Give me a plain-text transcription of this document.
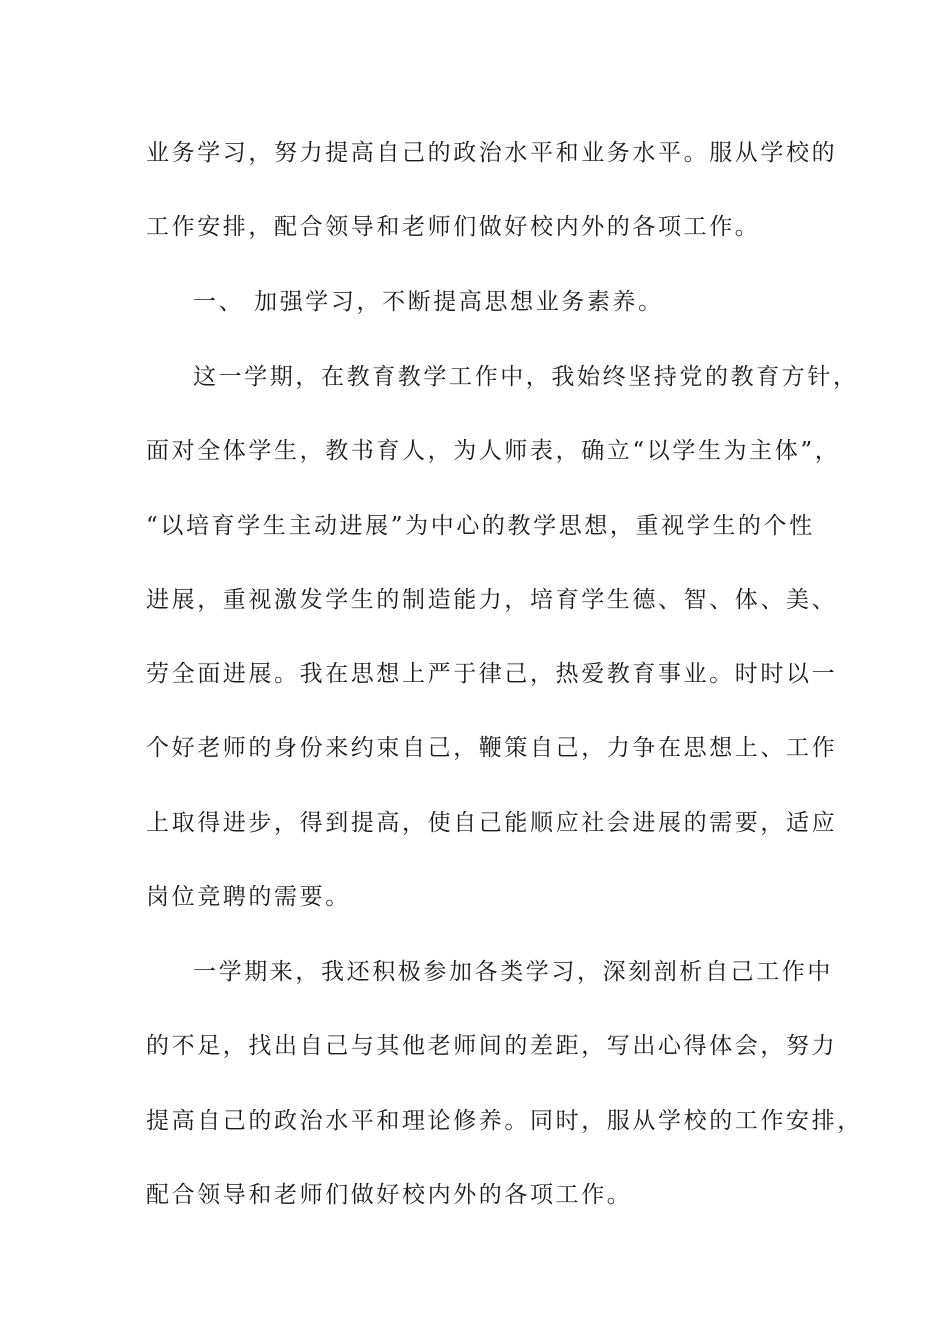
业务学习，努力提高自己的政治水平和业务水平。服从学校的
工作安排，配合领导和老师们做好校内外的各项工作。
一、 加强学习，不断提高思想业务素养。
这一学期，在教育教学工作中，我始终坚持党的教育方针，
面对全体学生，教书育人，为人师表，确立“以学生为主体”，
“以培育学生主动进展”为中心的教学思想，重视学生的个性
进展，重视激发学生的制造能力，培育学生德、智、体、美、
劳全面进展。我在思想上严于律己，热爱教育事业。时时以一
个好老师的身份来约束自己，鞭策自己，力争在思想上、工作
上取得进步，得到提高，使自己能顺应社会进展的需要，适应
岗位竞聘的需要。
一学期来，我还积极参加各类学习，深刻剖析自己工作中
的不足，找出自己与其他老师间的差距，写出心得体会，努力
提高自己的政治水平和理论修养。同时，服从学校的工作安排，
配合领导和老师们做好校内外的各项工作。
